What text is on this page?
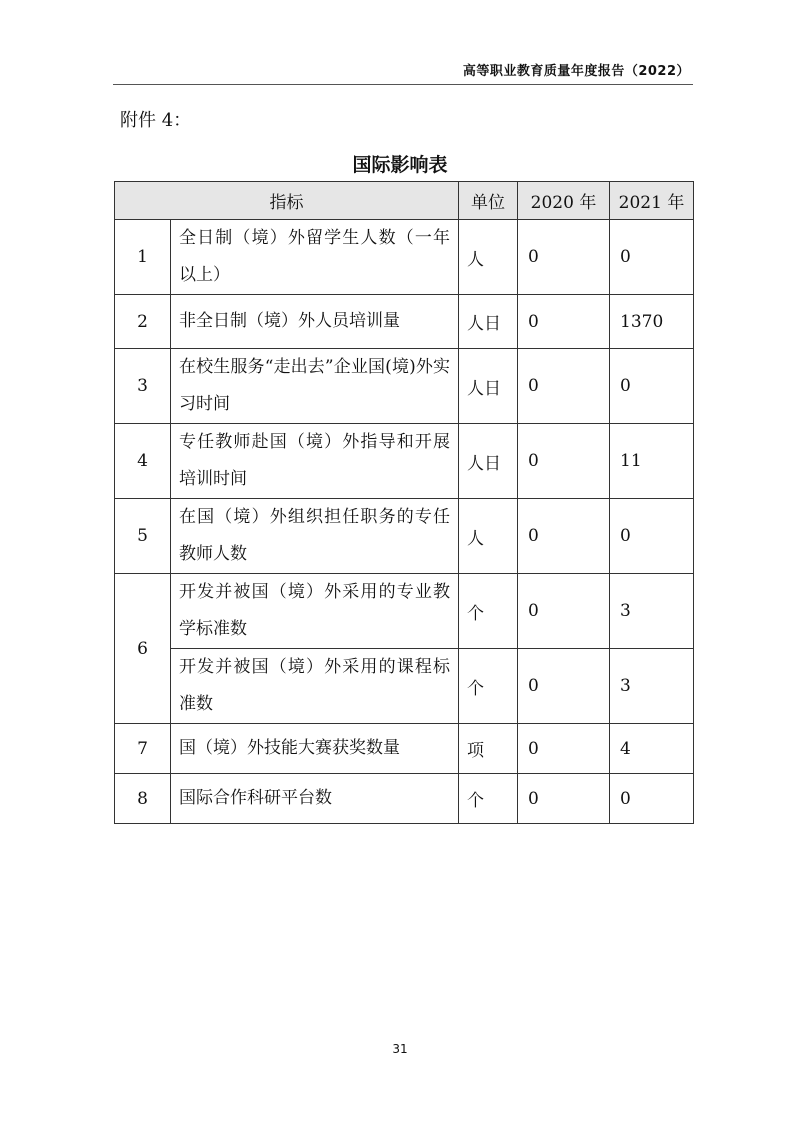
高等职业教育质量年度报告（2022）
附件 4：
国际影响表
指标		单位	2020 年	2021 年
1	全日制（境）外留学生人数（一年以上）	人	0	0
2	非全日制（境）外人员培训量	人日	0	1370
3	在校生服务“走出去”企业国(境)外实习时间	人日	0	0
4	专任教师赴国（境）外指导和开展培训时间	人日	0	11
5	在国（境）外组织担任职务的专任教师人数	人	0	0
6	开发并被国（境）外采用的专业教学标准数	个	0	3
	开发并被国（境）外采用的课程标准数	个	0	3
7	国（境）外技能大赛获奖数量	项	0	4
8	国际合作科研平台数	个	0	0
31
